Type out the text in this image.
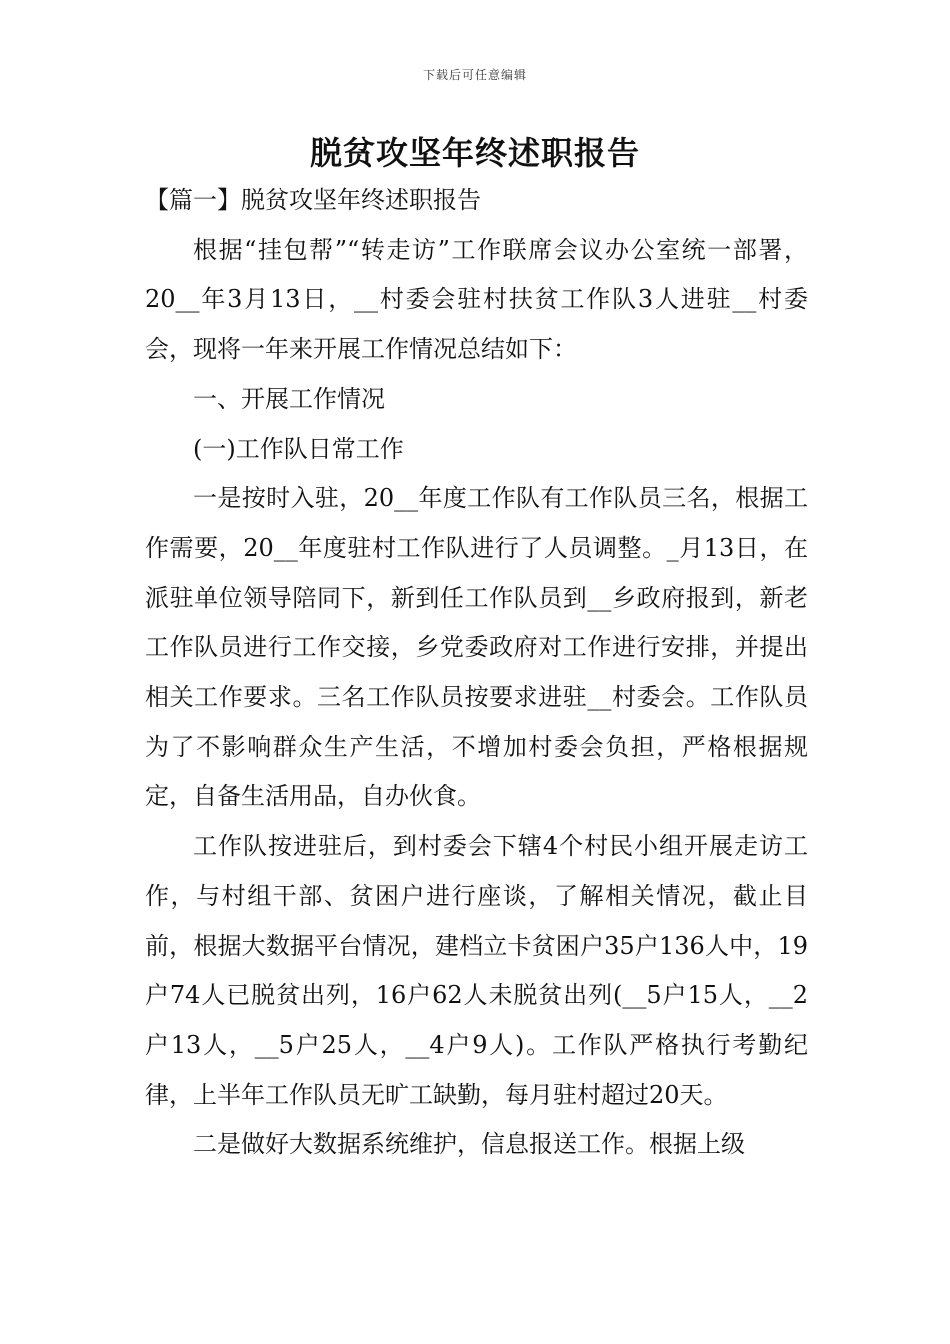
下载后可任意编辑
脱贫攻坚年终述职报告

【篇一】脱贫攻坚年终述职报告

根据“挂包帮”“转走访”工作联席会议办公室统一部署，20__年3月13日，__村委会驻村扶贫工作队3人进驻__村委会，现将一年来开展工作情况总结如下：

一、开展工作情况

(一)工作队日常工作

一是按时入驻，20__年度工作队有工作队员三名，根据工作需要，20__年度驻村工作队进行了人员调整。_月13日，在派驻单位领导陪同下，新到任工作队员到__乡政府报到，新老工作队员进行工作交接，乡党委政府对工作进行安排，并提出相关工作要求。三名工作队员按要求进驻__村委会。工作队员为了不影响群众生产生活，不增加村委会负担，严格根据规定，自备生活用品，自办伙食。

工作队按进驻后，到村委会下辖4个村民小组开展走访工作，与村组干部、贫困户进行座谈，了解相关情况，截止目前，根据大数据平台情况，建档立卡贫困户35户136人中，19户74人已脱贫出列，16户62人未脱贫出列(__5户15人，__2户13人，__5户25人，__4户9人)。工作队严格执行考勤纪律，上半年工作队员无旷工缺勤，每月驻村超过20天。

二是做好大数据系统维护，信息报送工作。根据上级
